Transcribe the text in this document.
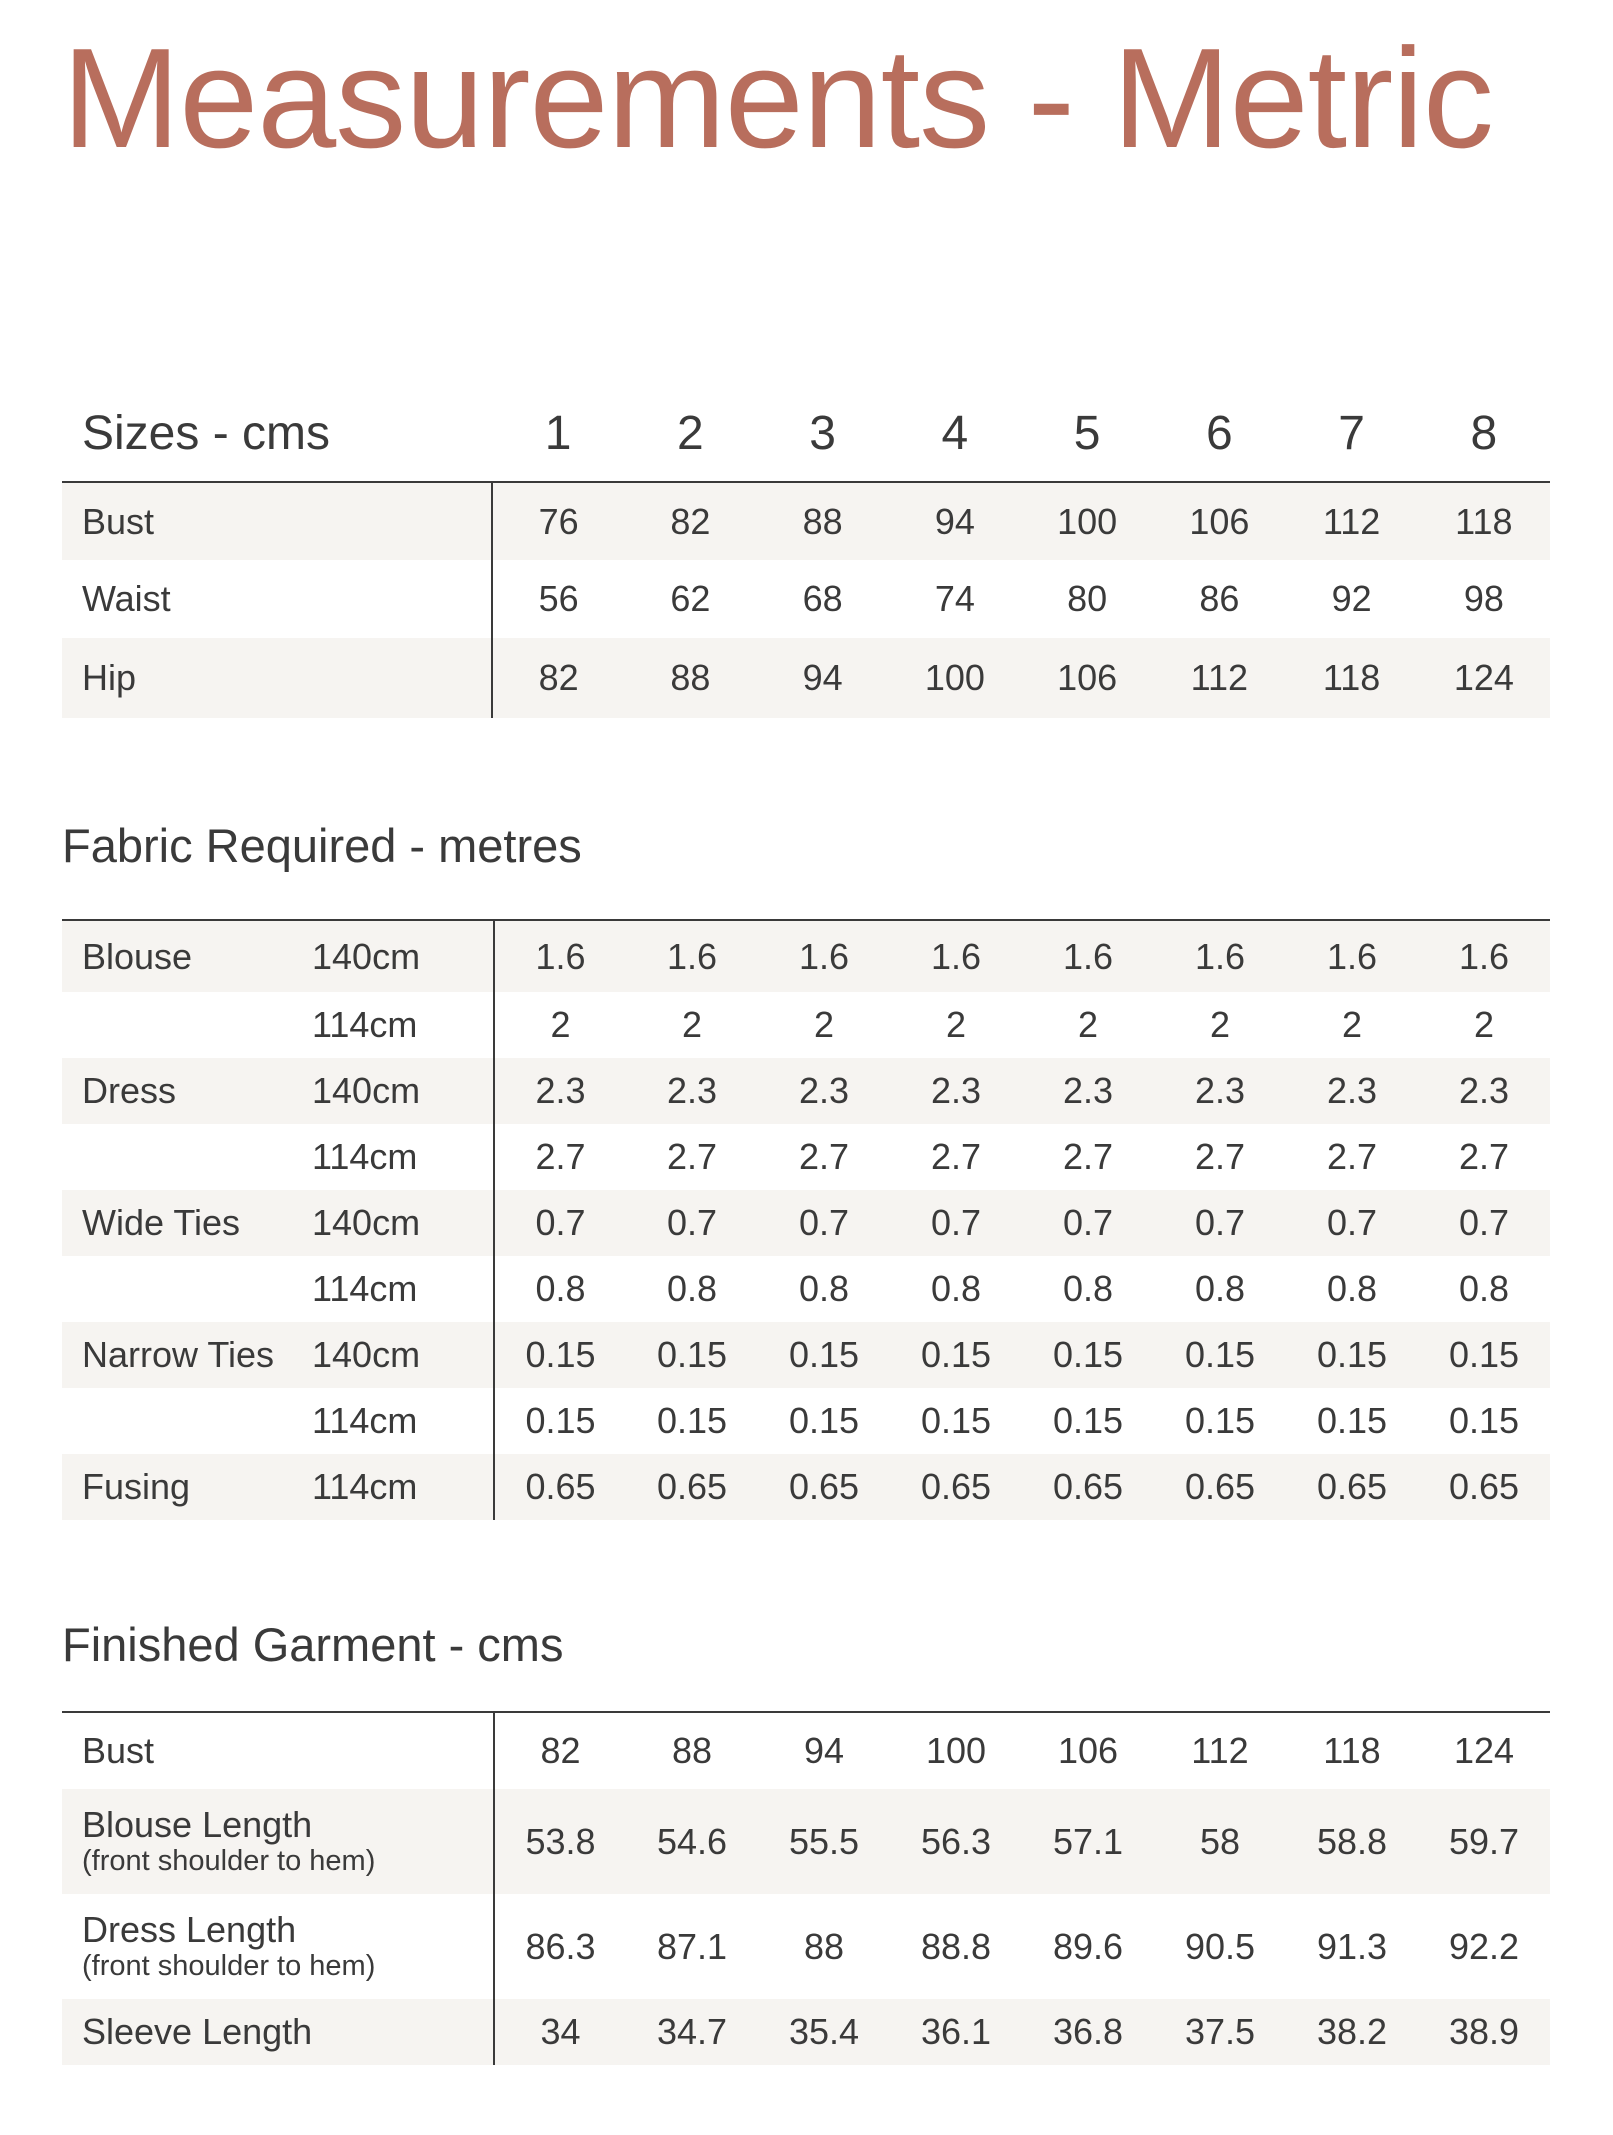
Measurements - Metric
Sizes - cms	1	2	3	4	5	6	7	8
Bust	76	82	88	94	100	106	112	118
Waist	56	62	68	74	80	86	92	98
Hip	82	88	94	100	106	112	118	124
Fabric Required - metres
Blouse	140cm	1.6	1.6	1.6	1.6	1.6	1.6	1.6	1.6
	114cm	2	2	2	2	2	2	2	2
Dress	140cm	2.3	2.3	2.3	2.3	2.3	2.3	2.3	2.3
	114cm	2.7	2.7	2.7	2.7	2.7	2.7	2.7	2.7
Wide Ties	140cm	0.7	0.7	0.7	0.7	0.7	0.7	0.7	0.7
	114cm	0.8	0.8	0.8	0.8	0.8	0.8	0.8	0.8
Narrow Ties	140cm	0.15	0.15	0.15	0.15	0.15	0.15	0.15	0.15
	114cm	0.15	0.15	0.15	0.15	0.15	0.15	0.15	0.15
Fusing	114cm	0.65	0.65	0.65	0.65	0.65	0.65	0.65	0.65
Finished Garment - cms
Bust	82	88	94	100	106	112	118	124

Blouse Length
(front shoulder to hem)	53.8	54.6	55.5	56.3	57.1	58	58.8	59.7

Dress Length
(front shoulder to hem)	86.3	87.1	88	88.8	89.6	90.5	91.3	92.2

Sleeve Length	34	34.7	35.4	36.1	36.8	37.5	38.2	38.9
